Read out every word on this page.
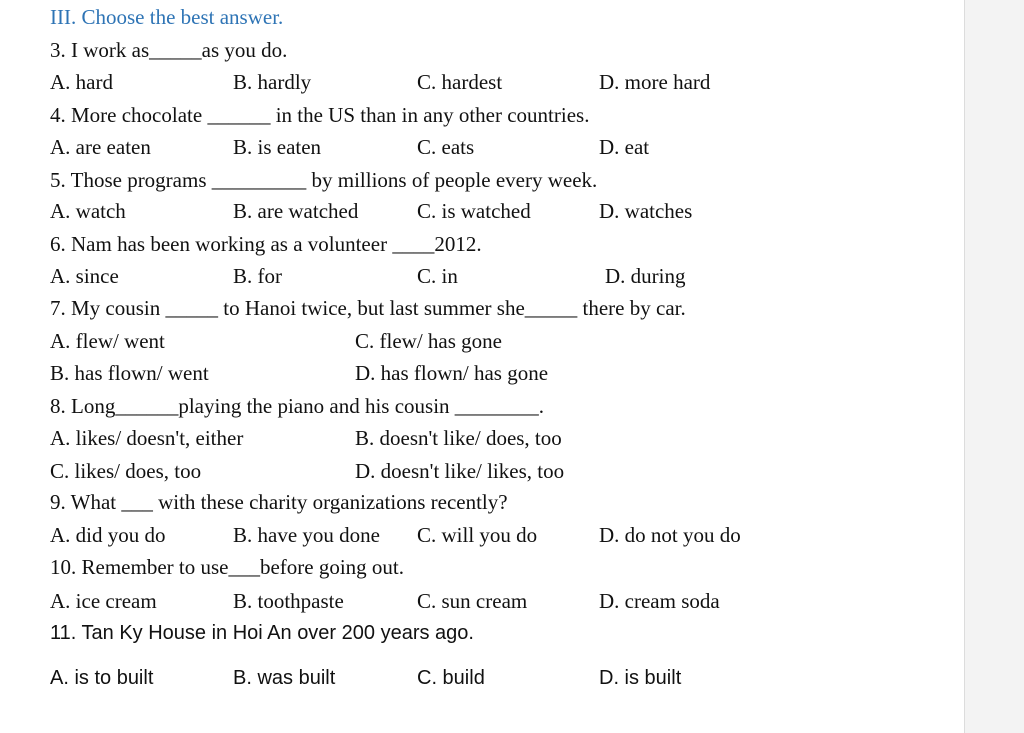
III. Choose the best answer.
3. I work as_____as you do.
A. hard	B. hardly	C. hardest	D. more hard
4. More chocolate ______ in the US than in any other countries.
A. are eaten	B. is eaten	C. eats	D. eat
5. Those programs _________ by millions of people every week.
A. watch	B. are watched	C. is watched	D. watches
6. Nam has been working as a volunteer ____2012.
A. since	B. for	C. in	D. during
7. My cousin _____ to Hanoi twice, but last summer she_____ there by car.
A. flew/ went	C. flew/ has gone
B. has flown/ went	D. has flown/ has gone
8. Long______playing the piano and his cousin ________.
A. likes/ doesn't, either	B. doesn't like/ does, too
C. likes/ does, too	D. doesn't like/ likes, too
9. What ___ with these charity organizations recently?
A. did you do	B. have you done C. will you do	D. do not you do
10. Remember to use___before going out.
A. ice cream	B. toothpaste	C. sun cream	D. cream soda
11. Tan Ky House in Hoi An over 200 years ago.
A. is to built	B. was built	C. build	D. is built
